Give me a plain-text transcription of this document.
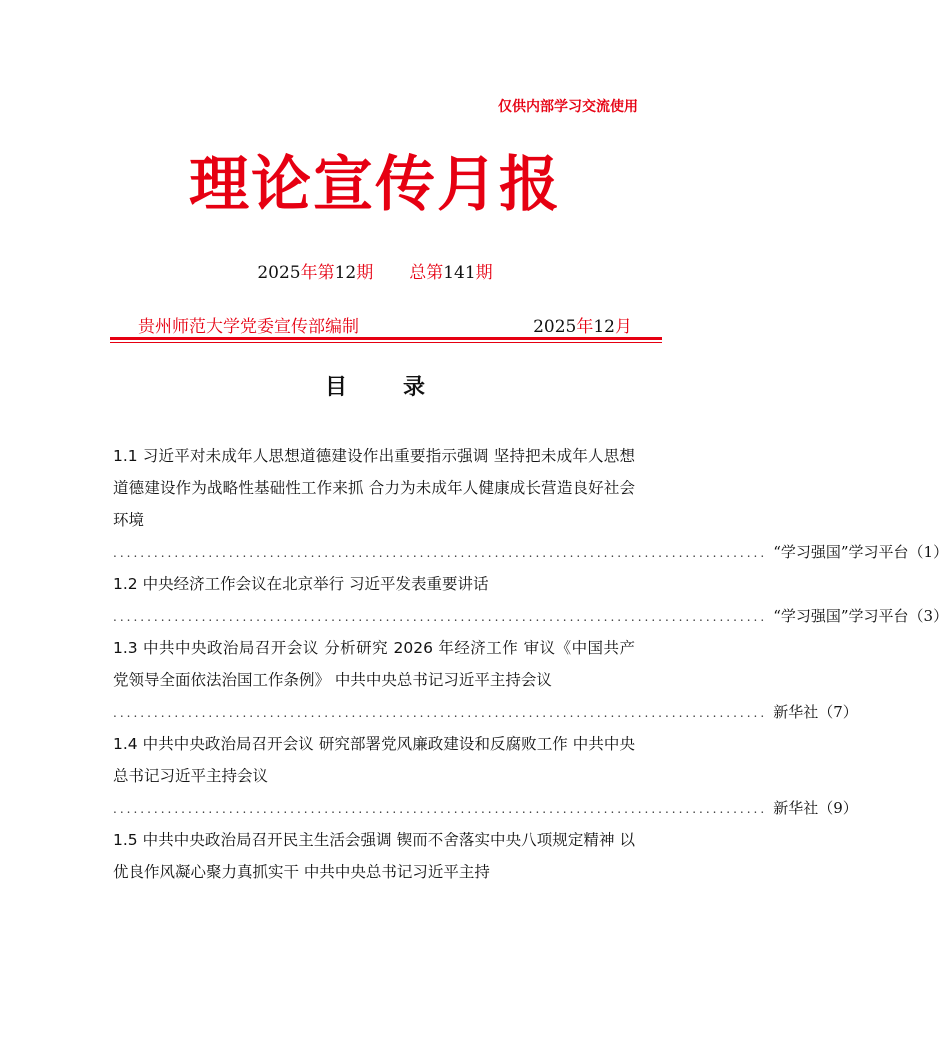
仅供内部学习交流使用
理论宣传月报
2025年第12期 总第141期
贵州师范大学党委宣传部编制	2025年12月
目	录
1.1 习近平对未成年人思想道德建设作出重要指示强调 坚持把未成年人思想道德建设作为战略性基础性工作来抓 合力为未成年人健康成长营造良好社会环境
................................................................................................ “学习强国”学习平台（1）
1.2 中央经济工作会议在北京举行 习近平发表重要讲话
................................................................................................ “学习强国”学习平台（3）
1.3 中共中央政治局召开会议 分析研究 2026 年经济工作 审议《中国共产党领导全面依法治国工作条例》 中共中央总书记习近平主持会议
................................................................................................ 新华社（7）
1.4 中共中央政治局召开会议 研究部署党风廉政建设和反腐败工作 中共中央总书记习近平主持会议
................................................................................................ 新华社（9）
1.5 中共中央政治局召开民主生活会强调 锲而不舍落实中央八项规定精神 以优良作风凝心聚力真抓实干 中共中央总书记习近平主持
